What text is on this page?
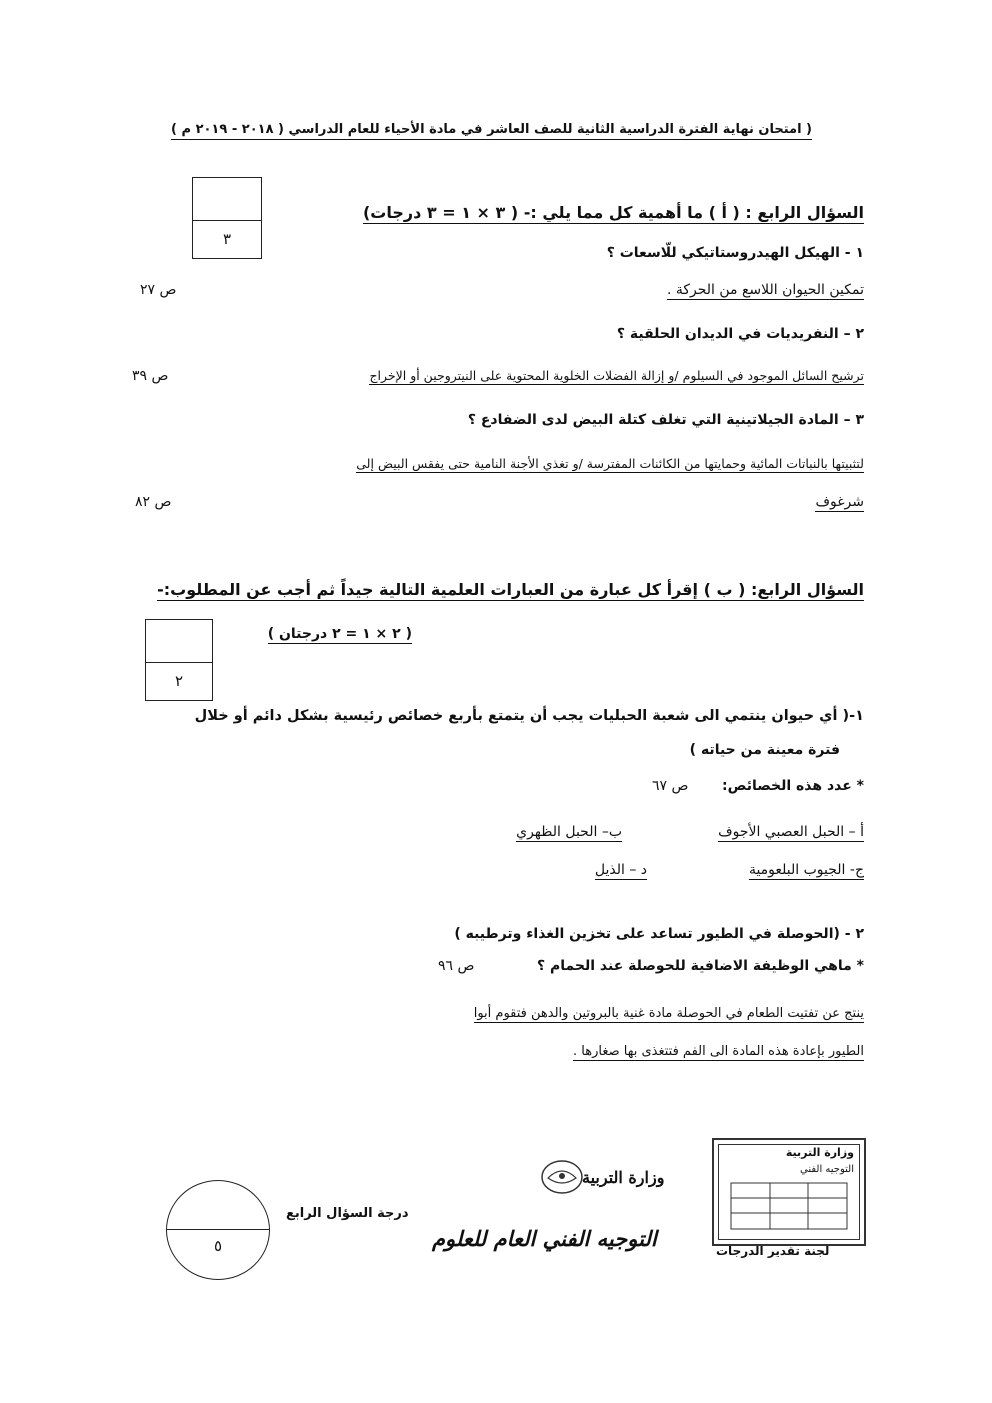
( امتحان نهاية الفترة الدراسية الثانية للصف العاشر في مادة الأحياء للعام الدراسي ( ٢٠١٨ - ٢٠١٩ م )
٣
السؤال الرابع : ( أ ) ما أهمية كل مما يلي :- ( ٣ × ١ = ٣ درجات)
١ - الهيكل الهيدروستاتيكي للّاسعات ؟
تمكين الحيوان اللاسع من الحركة .
ص ٢٧
٢ – النفريديات في الديدان الحلقية ؟
ترشيح السائل الموجود في السيلوم /و إزالة الفضلات الخلوية المحتوية على النيتروجين أو الإخراج
ص ٣٩
٣ – المادة الجيلاتينية التي تغلف كتلة البيض لدى الضفادع ؟
لتثبيتها بالنباتات المائية وحمايتها من الكائنات المفترسة /و تغذي الأجنة النامية حتى يفقس البيض إلى
شرغوف
ص ٨٢
السؤال الرابع: ( ب ) إقرأ كل عبارة من العبارات العلمية التالية جيداً ثم أجب عن المطلوب:-
٢
( ٢ × ١ = ٢ درجتان )
١-( أي حيوان ينتمي الى شعبة الحبليات يجب أن يتمتع بأربع خصائص رئيسية بشكل دائم أو خلال
فترة معينة من حياته )
* عدد هذه الخصائص:
ص ٦٧
أ – الحبل العصبي الأجوف
ب– الحبل الظهري
ج- الجيوب البلعومية
د – الذيل
٢ - (الحوصلة في الطيور تساعد على تخزين الغذاء وترطيبه )
* ماهي الوظيفة الاضافية للحوصلة عند الحمام ؟
ص ٩٦
ينتج عن تفتيت الطعام في الحوصلة مادة غنية بالبروتين والدهن فتقوم أبوا
الطيور بإعادة هذه المادة الى الفم فتتغذى بها صغارها .
٥
درجة السؤال الرابع
وزارة التربية
التوجيه الفني العام للعلوم
وزارة التربية
التوجيه الفني
لجنة تقدير الدرجات
